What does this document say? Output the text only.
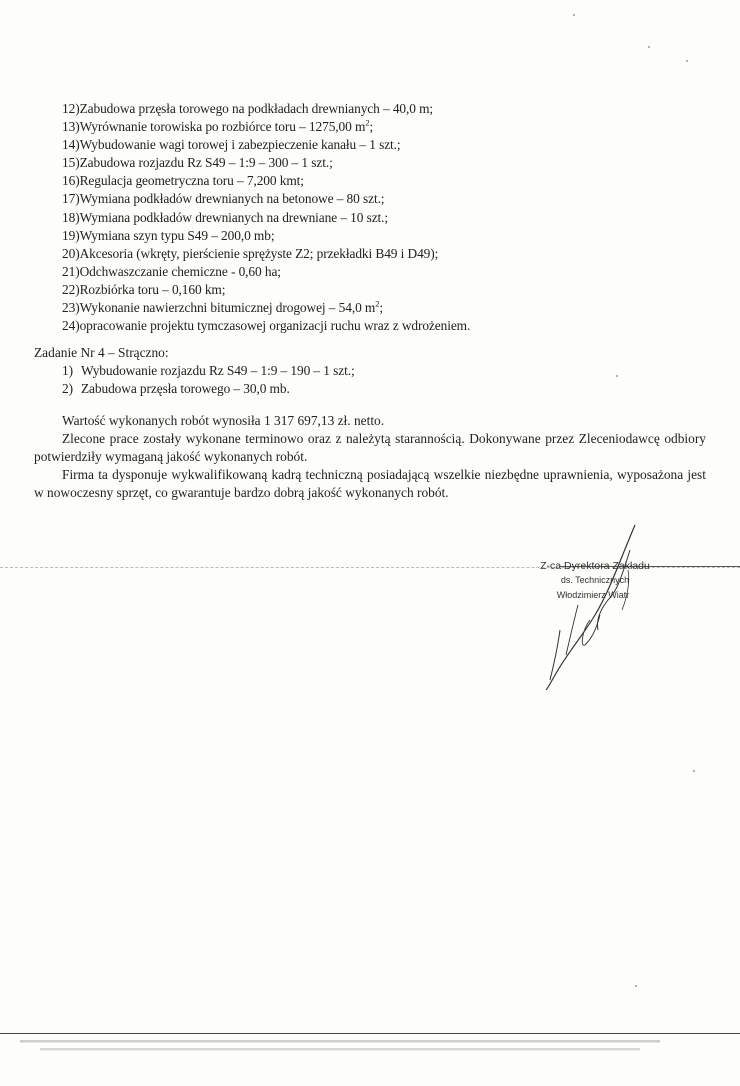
12)Zabudowa przęsła torowego na podkładach drewnianych – 40,0 m;
13)Wyrównanie torowiska po rozbiórce toru – 1275,00 $m^2$;
14)Wybudowanie wagi torowej i zabezpieczenie kanału – 1 szt.;
15)Zabudowa rozjazdu Rz S49 – 1:9 – 300 – 1 szt.;
16)Regulacja geometryczna toru – 7,200 kmt;
17)Wymiana podkładów drewnianych na betonowe – 80 szt.;
18)Wymiana podkładów drewnianych na drewniane – 10 szt.;
19)Wymiana szyn typu S49 – 200,0 mb;
20)Akcesoria (wkręty, pierścienie sprężyste Z2; przekładki B49 i D49);
21)Odchwaszczanie chemiczne - 0,60 ha;
22)Rozbiórka toru – 0,160 km;
23)Wykonanie nawierzchni bitumicznej drogowej – 54,0 $m^2$;
24)opracowanie projektu tymczasowej organizacji ruchu wraz z wdrożeniem.
Zadanie Nr 4 – Strączno:
1) Wybudowanie rozjazdu Rz S49 – 1:9 – 190 – 1 szt.;
2) Zabudowa przęsła torowego – 30,0 mb.
Wartość wykonanych robót wynosiła 1 317 697,13 zł. netto.
Zlecone prace zostały wykonane terminowo oraz z należytą starannością. Dokonywane przez Zleceniodawcę odbiory potwierdziły wymaganą jakość wykonanych robót.
Firma ta dysponuje wykwalifikowaną kadrą techniczną posiadającą wszelkie niezbędne uprawnienia, wyposażona jest w nowoczesny sprzęt, co gwarantuje bardzo dobrą jakość wykonanych robót.
Z-ca Dyrektora Zakładu
ds. Technicznych
Włodzimierz Wiatr
